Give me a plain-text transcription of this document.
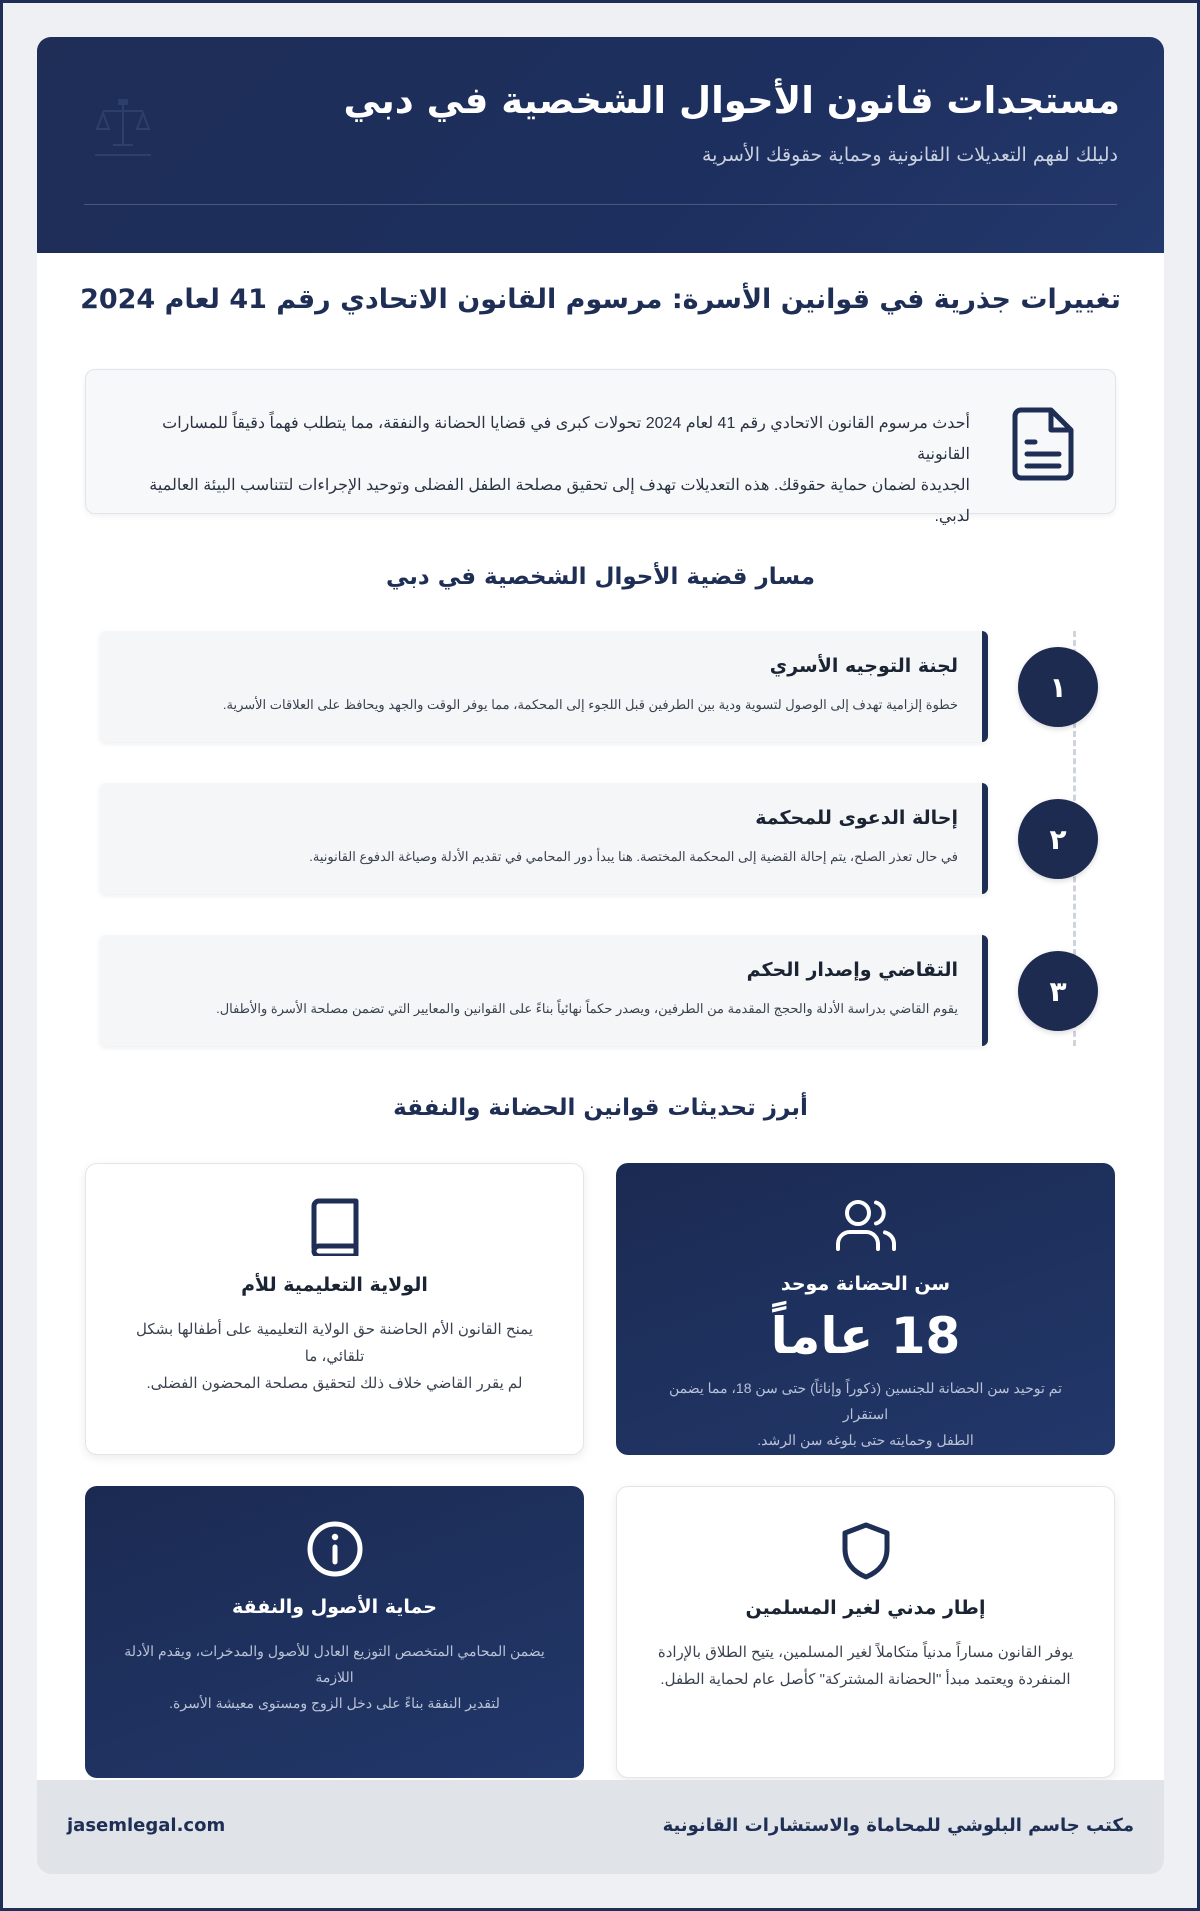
مستجدات قانون الأحوال الشخصية في دبي
دليلك لفهم التعديلات القانونية وحماية حقوقك الأسرية
تغييرات جذرية في قوانين الأسرة: مرسوم القانون الاتحادي رقم 41 لعام 2024
أحدث مرسوم القانون الاتحادي رقم 41 لعام 2024 تحولات كبرى في قضايا الحضانة والنفقة، مما يتطلب فهماً دقيقاً للمسارات القانونية
الجديدة لضمان حماية حقوقك. هذه التعديلات تهدف إلى تحقيق مصلحة الطفل الفضلى وتوحيد الإجراءات لتتناسب البيئة العالمية لدبي.
مسار قضية الأحوال الشخصية في دبي
لجنة التوجيه الأسري
خطوة إلزامية تهدف إلى الوصول لتسوية ودية بين الطرفين قبل اللجوء إلى المحكمة، مما يوفر الوقت والجهد ويحافظ على العلاقات الأسرية.
١
إحالة الدعوى للمحكمة
في حال تعذر الصلح، يتم إحالة القضية إلى المحكمة المختصة. هنا يبدأ دور المحامي في تقديم الأدلة وصياغة الدفوع القانونية.
٢
التقاضي وإصدار الحكم
يقوم القاضي بدراسة الأدلة والحجج المقدمة من الطرفين، ويصدر حكماً نهائياً بناءً على القوانين والمعايير التي تضمن مصلحة الأسرة والأطفال.
٣
أبرز تحديثات قوانين الحضانة والنفقة
سن الحضانة موحد
18 عاماً
تم توحيد سن الحضانة للجنسين (ذكوراً وإناثاً) حتى سن 18، مما يضمن استقرار
الطفل وحمايته حتى بلوغه سن الرشد.
الولاية التعليمية للأم
يمنح القانون الأم الحاضنة حق الولاية التعليمية على أطفالها بشكل تلقائي، ما
لم يقرر القاضي خلاف ذلك لتحقيق مصلحة المحضون الفضلى.
إطار مدني لغير المسلمين
يوفر القانون مساراً مدنياً متكاملاً لغير المسلمين، يتيح الطلاق بالإرادة
المنفردة ويعتمد مبدأ "الحضانة المشتركة" كأصل عام لحماية الطفل.
حماية الأصول والنفقة
يضمن المحامي المتخصص التوزيع العادل للأصول والمدخرات، ويقدم الأدلة اللازمة
لتقدير النفقة بناءً على دخل الزوج ومستوى معيشة الأسرة.
مكتب جاسم البلوشي للمحاماة والاستشارات القانونية
jasemlegal.com
